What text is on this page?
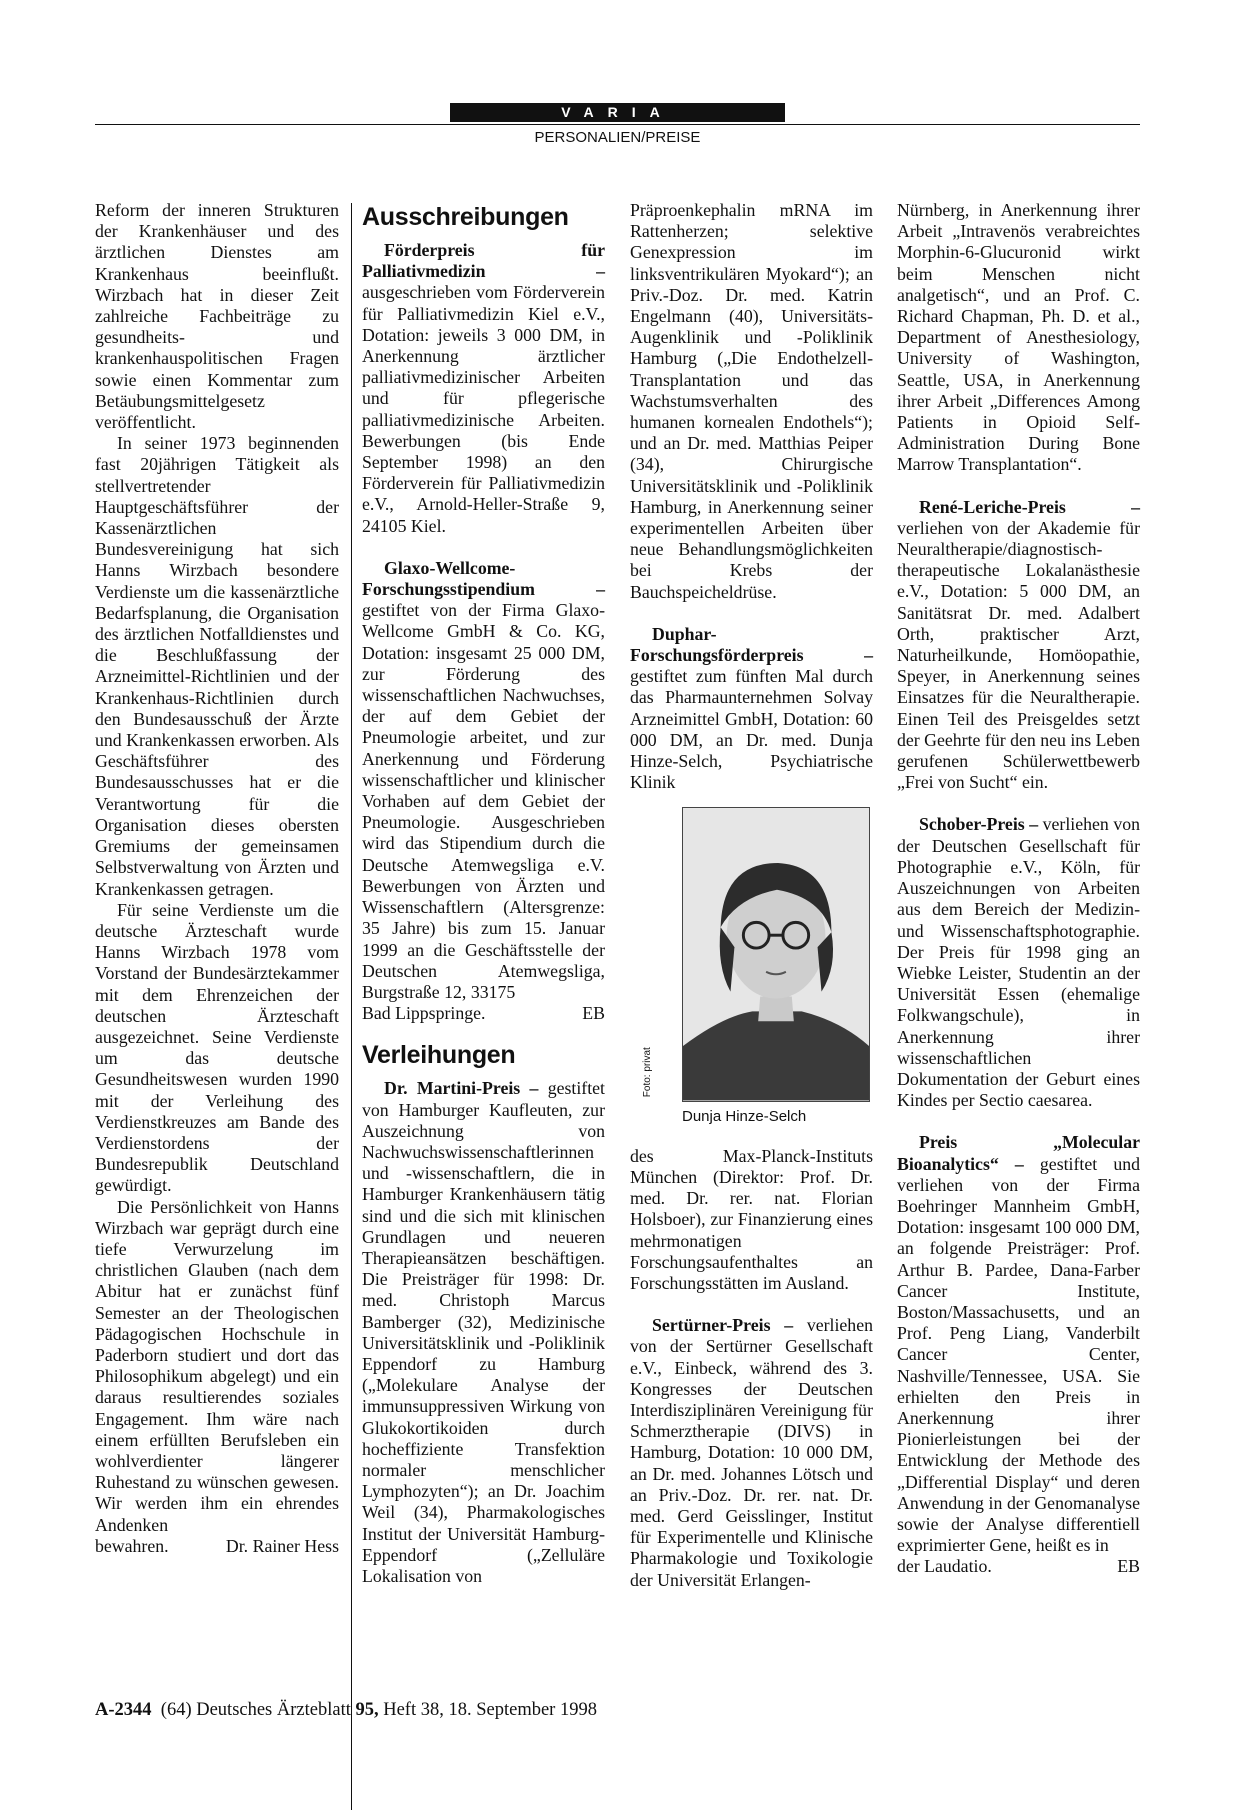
VARIA
PERSONALIEN/PREISE

Reform der inneren Strukturen der Krankenhäuser und des ärztlichen Dienstes am Krankenhaus beeinflußt. Wirzbach hat in dieser Zeit zahlreiche Fachbeiträge zu gesundheits- und krankenhauspolitischen Fragen sowie einen Kommentar zum Betäubungsmittelgesetz veröffentlicht.

In seiner 1973 beginnenden fast 20jährigen Tätigkeit als stellvertretender Hauptgeschäftsführer der Kassenärztlichen Bundesvereinigung hat sich Hanns Wirzbach besondere Verdienste um die kassenärztliche Bedarfsplanung, die Organisation des ärztlichen Notfalldienstes und die Beschlußfassung der Arzneimittel-Richtlinien und der Krankenhaus-Richtlinien durch den Bundesausschuß der Ärzte und Krankenkassen erworben. Als Geschäftsführer des Bundesausschusses hat er die Verantwortung für die Organisation dieses obersten Gremiums der gemeinsamen Selbstverwaltung von Ärzten und Krankenkassen getragen.

Für seine Verdienste um die deutsche Ärzteschaft wurde Hanns Wirzbach 1978 vom Vorstand der Bundesärztekammer mit dem Ehrenzeichen der deutschen Ärzteschaft ausgezeichnet. Seine Verdienste um das deutsche Gesundheitswesen wurden 1990 mit der Verleihung des Verdienstkreuzes am Bande des Verdienstordens der Bundesrepublik Deutschland gewürdigt.

Die Persönlichkeit von Hanns Wirzbach war geprägt durch eine tiefe Verwurzelung im christlichen Glauben (nach dem Abitur hat er zunächst fünf Semester an der Theologischen Pädagogischen Hochschule in Paderborn studiert und dort das Philosophikum abgelegt) und ein daraus resultierendes soziales Engagement. Ihm wäre nach einem erfüllten Berufsleben ein wohlverdienter längerer Ruhestand zu wünschen gewesen. Wir werden ihm ein ehrendes Andenken

bewahren.	Dr. Rainer Hess

Ausschreibungen

Förderpreis für Palliativmedizin – ausgeschrieben vom Förderverein für Palliativmedizin Kiel e.V., Dotation: jeweils 3 000 DM, in Anerkennung ärztlicher palliativmedizinischer Arbeiten und für pflegerische palliativmedizinische Arbeiten. Bewerbungen (bis Ende September 1998) an den Förderverein für Palliativmedizin e.V., Arnold-Heller-Straße 9, 24105 Kiel.

Glaxo-Wellcome-Forschungsstipendium – gestiftet von der Firma Glaxo-Wellcome GmbH & Co. KG, Dotation: insgesamt 25 000 DM, zur Förderung des wissenschaftlichen Nachwuchses, der auf dem Gebiet der Pneumologie arbeitet, und zur Anerkennung und Förderung wissenschaftlicher und klinischer Vorhaben auf dem Gebiet der Pneumologie. Ausgeschrieben wird das Stipendium durch die Deutsche Atemwegsliga e.V. Bewerbungen von Ärzten und Wissenschaftlern (Altersgrenze: 35 Jahre) bis zum 15. Januar 1999 an die Geschäftsstelle der Deutschen Atemwegsliga, Burgstraße 12, 33175

Bad Lippspringe.	EB

Verleihungen

Dr. Martini-Preis – gestiftet von Hamburger Kaufleuten, zur Auszeichnung von Nachwuchswissenschaftlerinnen und -wissenschaftlern, die in Hamburger Krankenhäusern tätig sind und die sich mit klinischen Grundlagen und neueren Therapieansätzen beschäftigen. Die Preisträger für 1998: Dr. med. Christoph Marcus Bamberger (32), Medizinische Universitätsklinik und -Poliklinik Eppendorf zu Hamburg („Molekulare Analyse der immunsuppressiven Wirkung von Glukokortikoiden durch hocheffiziente Transfektion normaler menschlicher Lymphozyten“); an Dr. Joachim Weil (34), Pharmakologisches Institut der Universität Hamburg-Eppendorf („Zelluläre Lokalisation von

Präproenkephalin mRNA im Rattenherzen; selektive Genexpression im linksventrikulären Myokard“); an Priv.-Doz. Dr. med. Katrin Engelmann (40), Universitäts-Augenklinik und -Poliklinik Hamburg („Die Endothelzell-Transplantation und das Wachstumsverhalten des humanen kornealen Endothels“); und an Dr. med. Matthias Peiper (34), Chirurgische Universitätsklinik und -Poliklinik Hamburg, in Anerkennung seiner experimentellen Arbeiten über neue Behandlungsmöglichkeiten bei Krebs der Bauchspeicheldrüse.

Duphar-Forschungsförderpreis – gestiftet zum fünften Mal durch das Pharmaunternehmen Solvay Arzneimittel GmbH, Dotation: 60 000 DM, an Dr. med. Dunja Hinze-Selch, Psychiatrische Klinik

Foto: privat

Dunja Hinze-Selch

des Max-Planck-Instituts München (Direktor: Prof. Dr. med. Dr. rer. nat. Florian Holsboer), zur Finanzierung eines mehrmonatigen Forschungsaufenthaltes an Forschungsstätten im Ausland.

Sertürner-Preis – verliehen von der Sertürner Gesellschaft e.V., Einbeck, während des 3. Kongresses der Deutschen Interdisziplinären Vereinigung für Schmerztherapie (DIVS) in Hamburg, Dotation: 10 000 DM, an Dr. med. Johannes Lötsch und an Priv.-Doz. Dr. rer. nat. Dr. med. Gerd Geisslinger, Institut für Experimentelle und Klinische Pharmakologie und Toxikologie der Universität Erlangen-

Nürnberg, in Anerkennung ihrer Arbeit „Intravenös verabreichtes Morphin-6-Glucuronid wirkt beim Menschen nicht analgetisch“, und an Prof. C. Richard Chapman, Ph. D. et al., Department of Anesthesiology, University of Washington, Seattle, USA, in Anerkennung ihrer Arbeit „Differences Among Patients in Opioid Self-Administration During Bone Marrow Transplantation“.

René-Leriche-Preis – verliehen von der Akademie für Neuraltherapie/diagnostisch-therapeutische Lokalanästhesie e.V., Dotation: 5 000 DM, an Sanitätsrat Dr. med. Adalbert Orth, praktischer Arzt, Naturheilkunde, Homöopathie, Speyer, in Anerkennung seines Einsatzes für die Neuraltherapie. Einen Teil des Preisgeldes setzt der Geehrte für den neu ins Leben gerufenen Schülerwettbewerb „Frei von Sucht“ ein.

Schober-Preis – verliehen von der Deutschen Gesellschaft für Photographie e.V., Köln, für Auszeichnungen von Arbeiten aus dem Bereich der Medizin- und Wissenschaftsphotographie. Der Preis für 1998 ging an Wiebke Leister, Studentin an der Universität Essen (ehemalige Folkwangschule), in Anerkennung ihrer wissenschaftlichen Dokumentation der Geburt eines Kindes per Sectio caesarea.

Preis „Molecular Bioanalytics“ – gestiftet und verliehen von der Firma Boehringer Mannheim GmbH, Dotation: insgesamt 100 000 DM, an folgende Preisträger: Prof. Arthur B. Pardee, Dana-Farber Cancer Institute, Boston/Massachusetts, und an Prof. Peng Liang, Vanderbilt Cancer Center, Nashville/Tennessee, USA. Sie erhielten den Preis in Anerkennung ihrer Pionierleistungen bei der Entwicklung der Methode des „Differential Display“ und deren Anwendung in der Genomanalyse sowie der Analyse differentiell exprimierter Gene, heißt es in

der Laudatio.	EB

A-2344 (64) Deutsches Ärzteblatt 95, Heft 38, 18. September 1998
